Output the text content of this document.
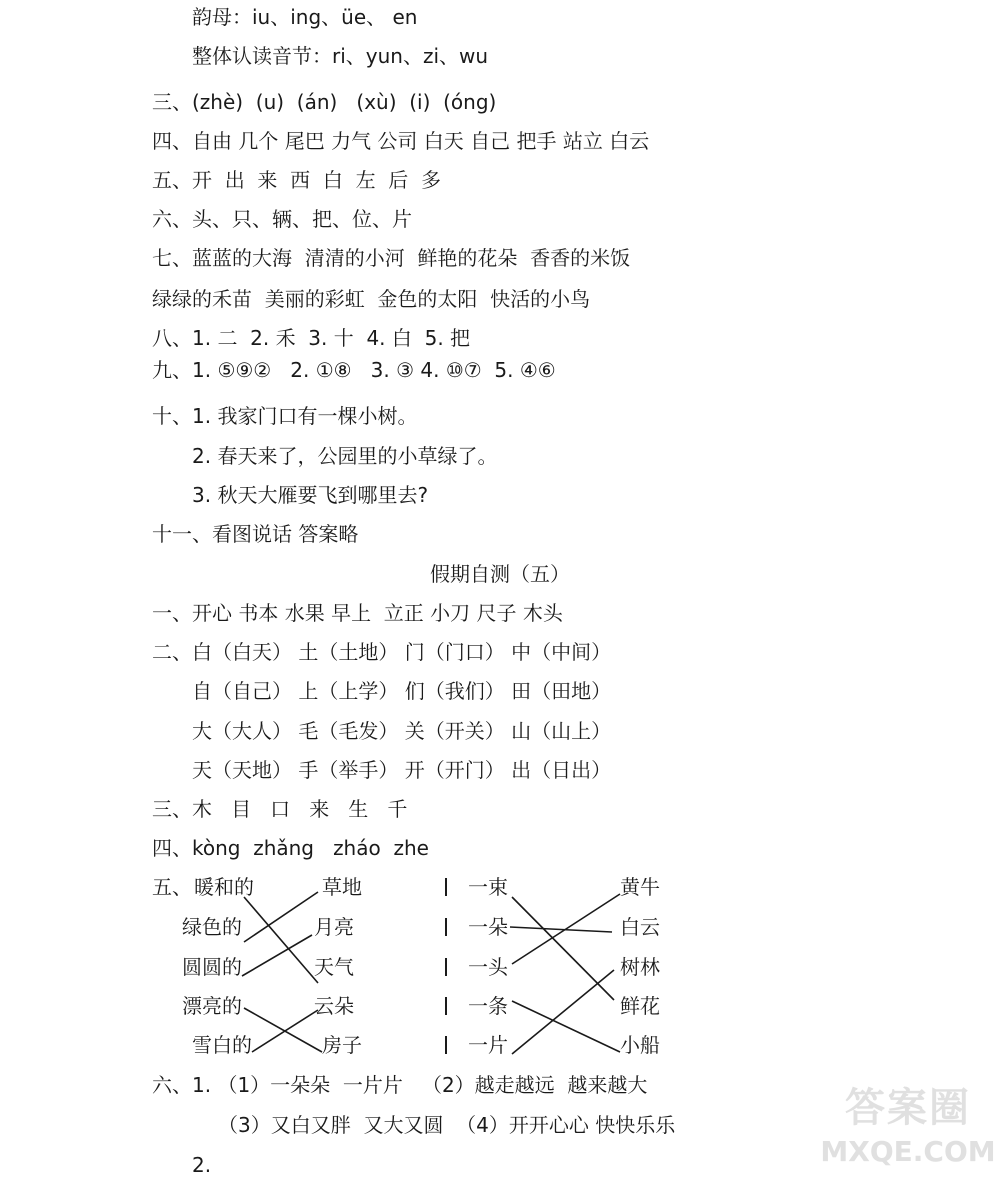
韵母：iu、ing、üe、 en
整体认读音节：ri、yun、zi、wu
三、(zhè)  (u)  (án)   (xù)  (i)  (óng)
四、自由 几个 尾巴 力气 公司 白天 自己 把手 站立 白云
五、开  出  来  西  白  左  后  多
六、头、只、辆、把、位、片
七、蓝蓝的大海  清清的小河  鲜艳的花朵  香香的米饭
绿绿的禾苗  美丽的彩虹  金色的太阳  快活的小鸟
八、1. 二  2. 禾  3. 十  4. 白  5. 把
九、1. ⑤⑨②   2. ①⑧   3. ③ 4. ⑩⑦  5. ④⑥
十、1. 我家门口有一棵小树。
2. 春天来了，公园里的小草绿了。
3. 秋天大雁要飞到哪里去?
十一、看图说话 答案略
假期自测（五）
一、开心 书本 水果 早上  立正 小刀 尺子 木头
二、白（白天） 土（土地） 门（门口） 中（中间）
自（自己） 上（上学） 们（我们） 田（田地）
大（大人） 毛（毛发） 关（开关） 山（山上）
天（天地） 手（举手） 开（开门） 出（日出）
三、木   目   口   来   生   千
四、kòng  zhǎng   zháo  zhe
五、 暖和的
绿色的
圆圆的
漂亮的
雪白的
草地
月亮
天气
云朵
房子
一束
一朵
一头
一条
一片
黄牛
白云
树林
鲜花
小船
六、1. （1）一朵朵  一片片   （2）越走越远  越来越大
（3）又白又胖  又大又圆  （4）开开心心 快快乐乐
2.
答案圈
MXQE.COM
